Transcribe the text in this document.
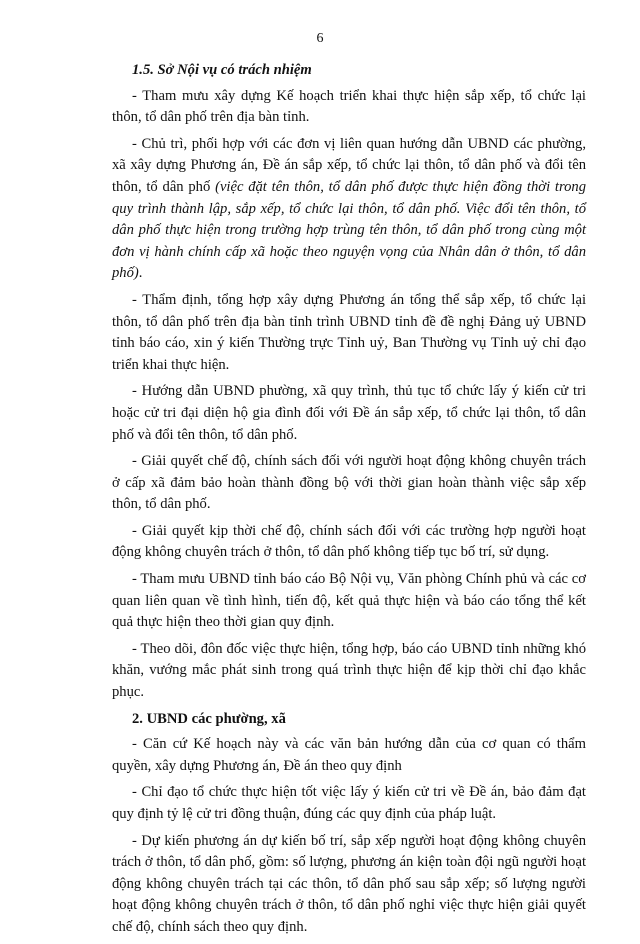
6

1.5. Sở Nội vụ có trách nhiệm

- Tham mưu xây dựng Kế hoạch triển khai thực hiện sắp xếp, tổ chức lại thôn, tổ dân phố trên địa bàn tỉnh.

- Chủ trì, phối hợp với các đơn vị liên quan hướng dẫn UBND các phường, xã xây dựng Phương án, Đề án sắp xếp, tổ chức lại thôn, tổ dân phố và đổi tên thôn, tổ dân phố (việc đặt tên thôn, tổ dân phố được thực hiện đồng thời trong quy trình thành lập, sắp xếp, tổ chức lại thôn, tổ dân phố. Việc đổi tên thôn, tổ dân phố thực hiện trong trường hợp trùng tên thôn, tổ dân phố trong cùng một đơn vị hành chính cấp xã hoặc theo nguyện vọng của Nhân dân ở thôn, tổ dân phố).

- Thẩm định, tổng hợp xây dựng Phương án tổng thể sắp xếp, tổ chức lại thôn, tổ dân phố trên địa bàn tỉnh trình UBND tỉnh đề đề nghị Đảng uỷ UBND tỉnh báo cáo, xin ý kiến Thường trực Tỉnh uỷ, Ban Thường vụ Tỉnh uỷ chỉ đạo triển khai thực hiện.

- Hướng dẫn UBND phường, xã quy trình, thủ tục tổ chức lấy ý kiến cử tri hoặc cử tri đại diện hộ gia đình đối với Đề án sắp xếp, tổ chức lại thôn, tổ dân phố và đổi tên thôn, tổ dân phố.

- Giải quyết chế độ, chính sách đối với người hoạt động không chuyên trách ở cấp xã đảm bảo hoàn thành đồng bộ với thời gian hoàn thành việc sắp xếp thôn, tổ dân phố.

- Giải quyết kịp thời chế độ, chính sách đối với các trường hợp người hoạt động không chuyên trách ở thôn, tổ dân phố không tiếp tục bố trí, sử dụng.

- Tham mưu UBND tỉnh báo cáo Bộ Nội vụ, Văn phòng Chính phủ và các cơ quan liên quan về tình hình, tiến độ, kết quả thực hiện và báo cáo tổng thể kết quả thực hiện theo thời gian quy định.

- Theo dõi, đôn đốc việc thực hiện, tổng hợp, báo cáo UBND tỉnh những khó khăn, vướng mắc phát sinh trong quá trình thực hiện để kịp thời chỉ đạo khắc phục.

2. UBND các phường, xã

- Căn cứ Kế hoạch này và các văn bản hướng dẫn của cơ quan có thẩm quyền, xây dựng Phương án, Đề án theo quy định

- Chỉ đạo tổ chức thực hiện tốt việc lấy ý kiến cử tri về Đề án, bảo đảm đạt quy định tỷ lệ cử tri đồng thuận, đúng các quy định của pháp luật.

- Dự kiến phương án dự kiến bố trí, sắp xếp người hoạt động không chuyên trách ở thôn, tổ dân phố, gồm: số lượng, phương án kiện toàn đội ngũ người hoạt động không chuyên trách tại các thôn, tổ dân phố sau sắp xếp; số lượng người hoạt động không chuyên trách ở thôn, tổ dân phố nghỉ việc thực hiện giải quyết chế độ, chính sách theo quy định.
